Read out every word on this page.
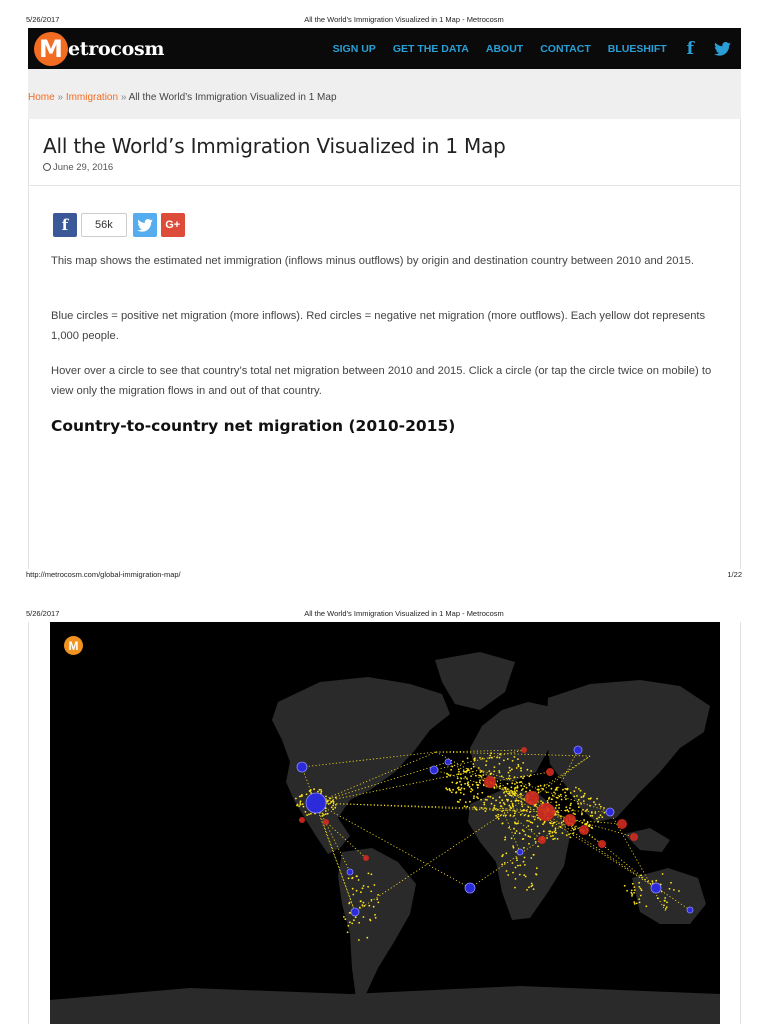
5/26/2017	All the World's Immigration Visualized in 1 Map - Metrocosm
M etrocosm	SIGN UP GET THE DATA ABOUT CONTACT BLUESHIFT f
Home » Immigration » All the World’s Immigration Visualized in 1 Map
All the World’s Immigration Visualized in 1 Map
June 29, 2016
f	56k	G+

This map shows the estimated net immigration (inflows minus outflows) by origin and destination country between 2010 and 2015.

Blue circles = positive net migration (more inflows). Red circles = negative net migration (more outflows). Each yellow dot represents 1,000 people.

Hover over a circle to see that country’s total net migration between 2010 and 2015. Click a circle (or tap the circle twice on mobile) to view only the migration flows in and out of that country.

Country-to-country net migration (2010-2015)
http://metrocosm.com/global-immigration-map/	1/22
5/26/2017	All the World's Immigration Visualized in 1 Map - Metrocosm
M
